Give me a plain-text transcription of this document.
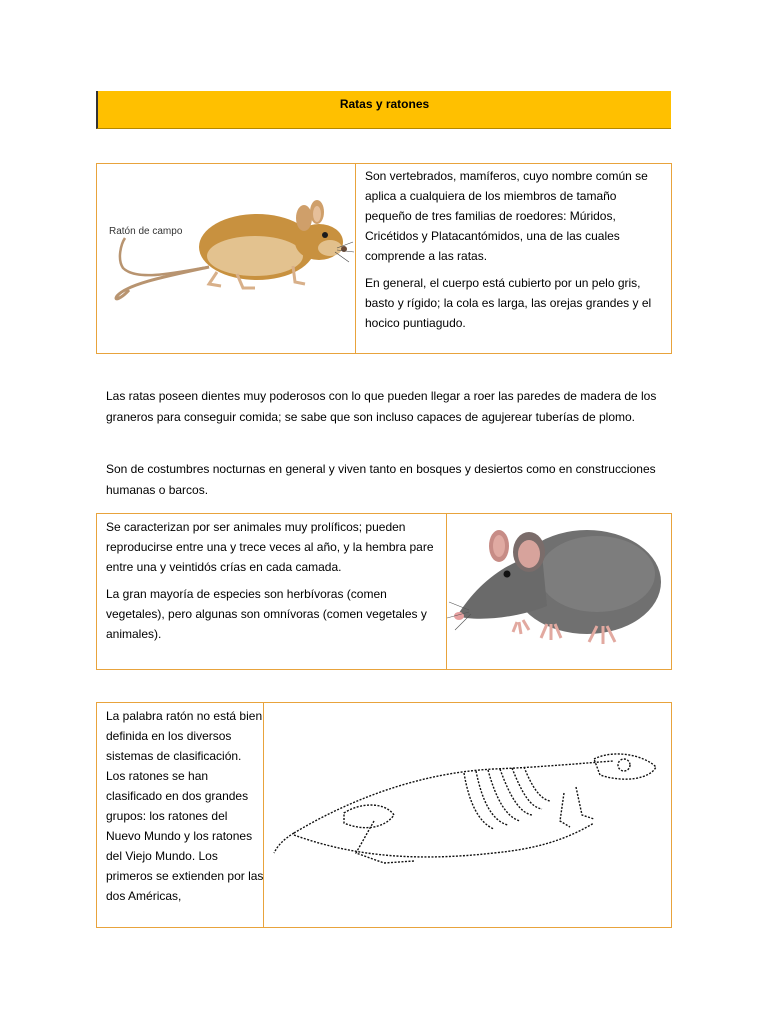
Ratas y ratones
Ratón de campo

Son vertebrados, mamíferos, cuyo nombre común se aplica a cualquiera de los miembros de tamaño pequeño de tres familias de roedores: Múridos, Cricétidos y Platacantómidos, una de las cuales comprende a las ratas.

En general, el cuerpo está cubierto por un pelo gris, basto y rígido; la cola es larga, las orejas grandes y el hocico puntiagudo.

Las ratas poseen dientes muy poderosos con lo que pueden llegar a roer las paredes de madera de los graneros para conseguir comida; se sabe que son incluso capaces de agujerear tuberías de plomo.
Son de costumbres nocturnas en general y viven tanto en bosques y desiertos como en construcciones humanas o barcos.

Se caracterizan por ser animales muy prolíficos; pueden reproducirse entre una y trece veces al año, y la hembra pare entre una y veintidós crías en cada camada.

La gran mayoría de especies son herbívoras (comen vegetales), pero algunas son omnívoras (comen vegetales y animales).

La palabra ratón no está bien definida en los diversos sistemas de clasificación. Los ratones se han clasificado en dos grandes grupos: los ratones del Nuevo Mundo y los ratones del Viejo Mundo. Los primeros se extienden por las dos Américas,
